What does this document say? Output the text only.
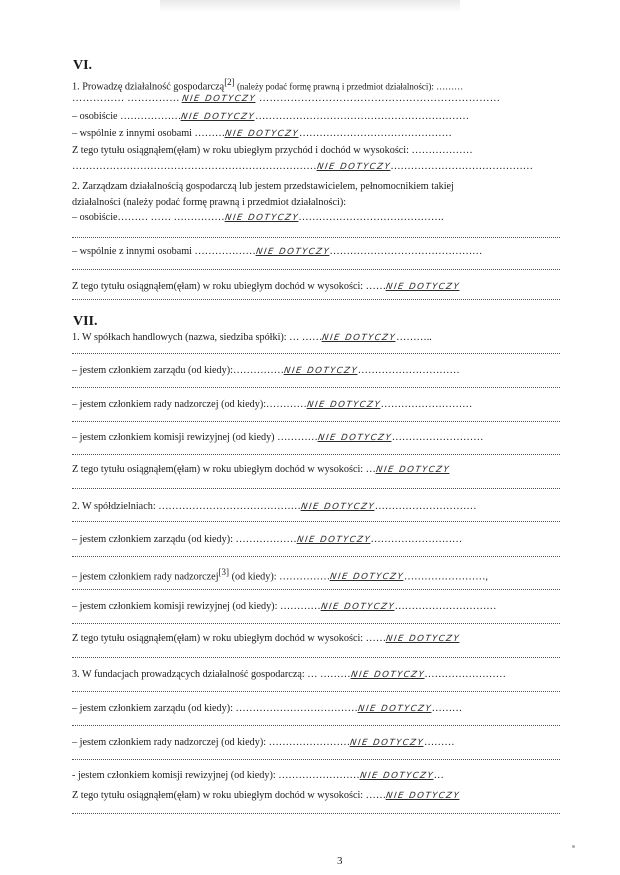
VI.
1. Prowadzę działalność gospodarczą[2] (należy podać formę prawną i przedmiot działalności): ………
…………… …………… NIE DOTYCZY ……………………………………………………………
– osobiście ………………NIE DOTYCZY………………………………………………………
– wspólnie z innymi osobami ………NIE DOTYCZY………………………………………
Z tego tytułu osiągnąłem(ęłam) w roku ubiegłym przychód i dochód w wysokości: ………………
………………………………………………………………NIE DOTYCZY……………………………………
2. Zarządzam działalnością gospodarczą lub jestem przedstawicielem, pełnomocnikiem takiej
działalności (należy podać formę prawną i przedmiot działalności):
– osobiście……… …… ……………NIE DOTYCZY…………………………………….
– wspólnie z innymi osobami ………………NIE DOTYCZY………………………………………
Z tego tytułu osiągnąłem(ęłam) w roku ubiegłym dochód w wysokości: ……NIE DOTYCZY
VII.
1. W spółkach handlowych (nazwa, siedziba spółki): … ……NIE DOTYCZY………..
– jestem członkiem zarządu (od kiedy):……………NIE DOTYCZY…………………………
– jestem członkiem rady nadzorczej (od kiedy):…………NIE DOTYCZY………………………
– jestem członkiem komisji rewizyjnej (od kiedy) …………NIE DOTYCZY………………………
Z tego tytułu osiągnąłem(ęłam) w roku ubiegłym dochód w wysokości: …NIE DOTYCZY
2. W spółdzielniach: ……………………………………NIE DOTYCZY…………………………
– jestem członkiem zarządu (od kiedy): ………………NIE DOTYCZY………………………
– jestem członkiem rady nadzorczej[3] (od kiedy): ……………NIE DOTYCZY……………………,
– jestem członkiem komisji rewizyjnej (od kiedy): …………NIE DOTYCZY…………………………
Z tego tytułu osiągnąłem(ęłam) w roku ubiegłym dochód w wysokości: ……NIE DOTYCZY
3. W fundacjach prowadzących działalność gospodarczą: … ………NIE DOTYCZY……………………
– jestem członkiem zarządu (od kiedy): ………………………………NIE DOTYCZY………
– jestem członkiem rady nadzorczej (od kiedy): ……………………NIE DOTYCZY………
- jestem członkiem komisji rewizyjnej (od kiedy): ……………………NIE DOTYCZY…
Z tego tytułu osiągnąłem(ęłam) w roku ubiegłym dochód w wysokości: ……NIE DOTYCZY
3
